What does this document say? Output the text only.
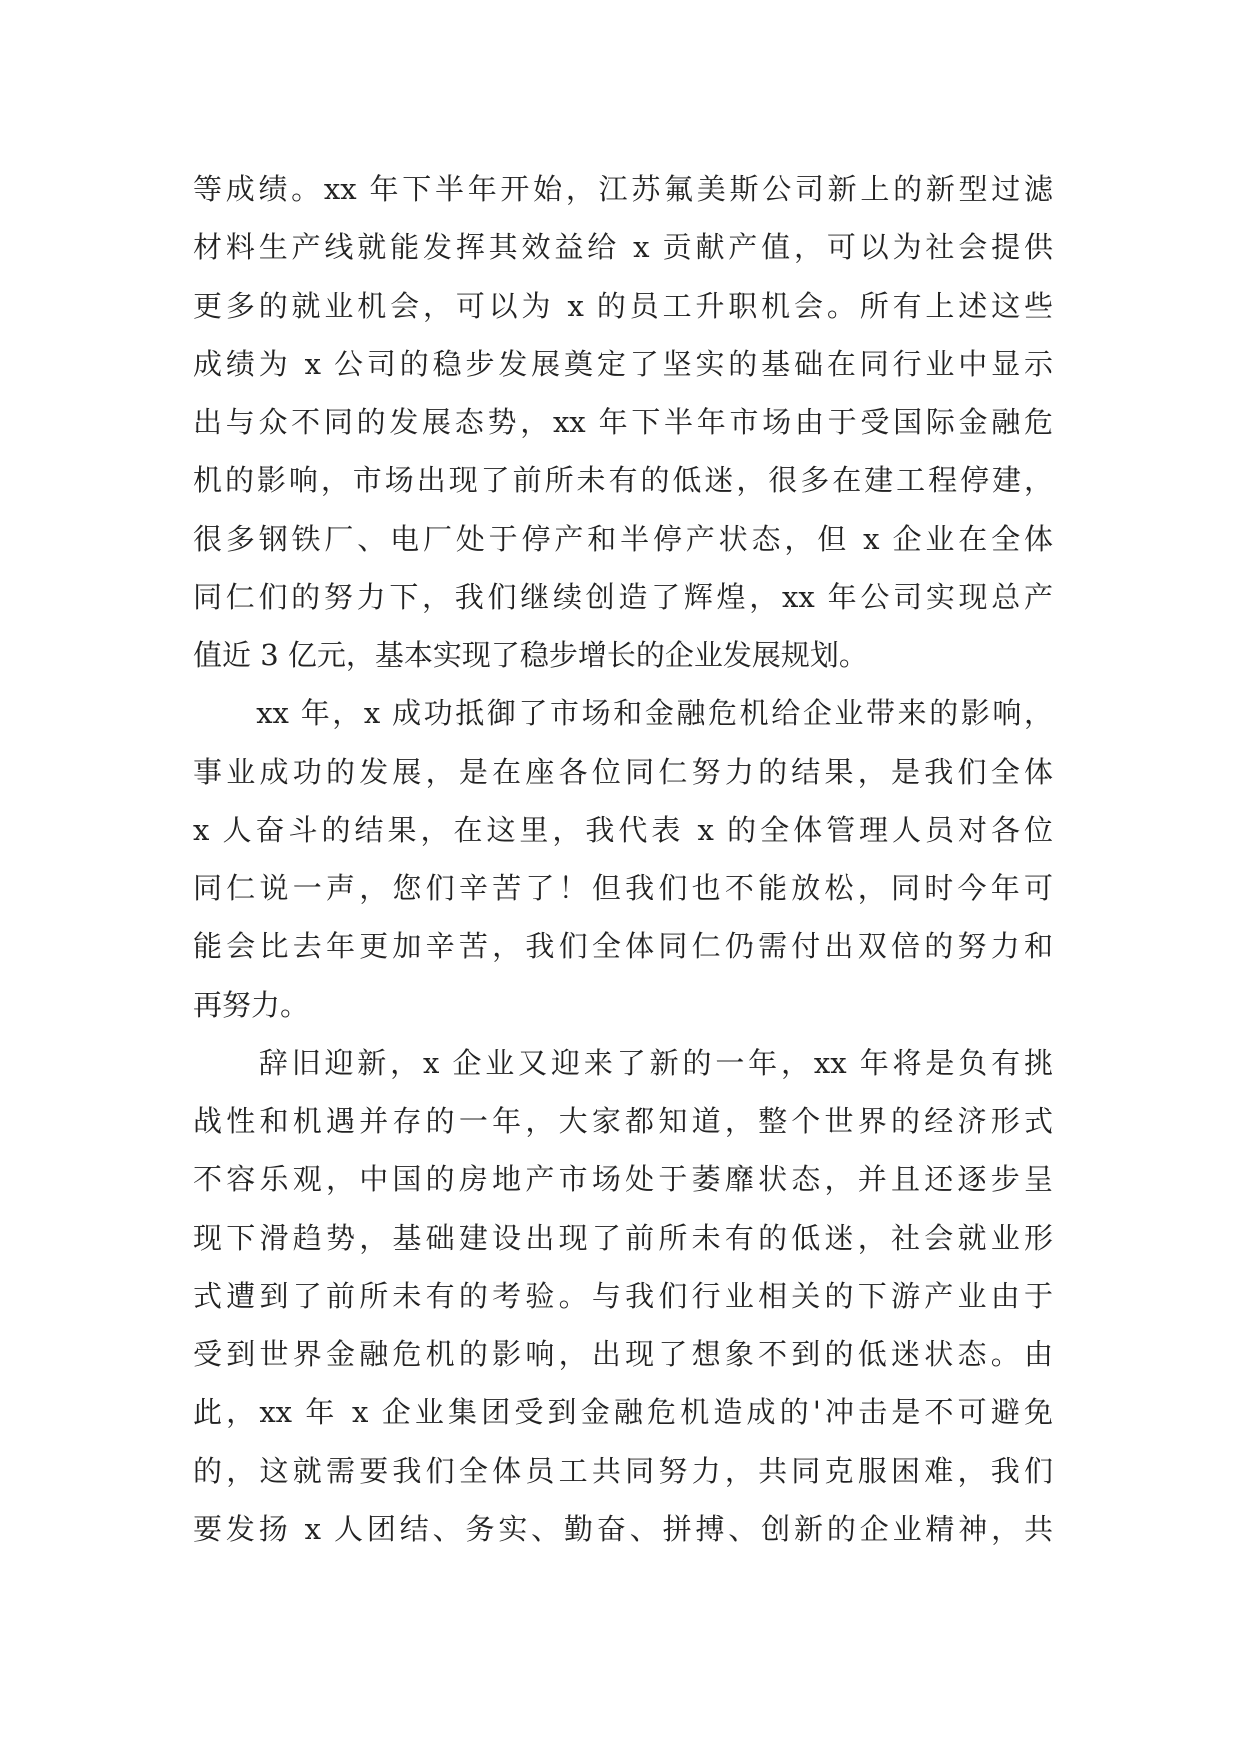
等成绩。xx 年下半年开始，江苏氟美斯公司新上的新型过滤
材料生产线就能发挥其效益给 x 贡献产值，可以为社会提供
更多的就业机会，可以为 x 的员工升职机会。所有上述这些
成绩为 x 公司的稳步发展奠定了坚实的基础在同行业中显示
出与众不同的发展态势，xx 年下半年市场由于受国际金融危
机的影响，市场出现了前所未有的低迷，很多在建工程停建，
很多钢铁厂、电厂处于停产和半停产状态，但 x 企业在全体
同仁们的努力下，我们继续创造了辉煌，xx 年公司实现总产
值近 3 亿元，基本实现了稳步增长的企业发展规划。
　　xx 年，x 成功抵御了市场和金融危机给企业带来的影响，
事业成功的发展，是在座各位同仁努力的结果，是我们全体
x 人奋斗的结果，在这里，我代表 x 的全体管理人员对各位
同仁说一声，您们辛苦了！但我们也不能放松，同时今年可
能会比去年更加辛苦，我们全体同仁仍需付出双倍的努力和
再努力。
　　辞旧迎新，x 企业又迎来了新的一年，xx 年将是负有挑
战性和机遇并存的一年，大家都知道，整个世界的经济形式
不容乐观，中国的房地产市场处于萎靡状态，并且还逐步呈
现下滑趋势，基础建设出现了前所未有的低迷，社会就业形
式遭到了前所未有的考验。与我们行业相关的下游产业由于
受到世界金融危机的影响，出现了想象不到的低迷状态。由
此，xx 年 x 企业集团受到金融危机造成的'冲击是不可避免
的，这就需要我们全体员工共同努力，共同克服困难，我们
要发扬 x 人团结、务实、勤奋、拼搏、创新的企业精神，共
